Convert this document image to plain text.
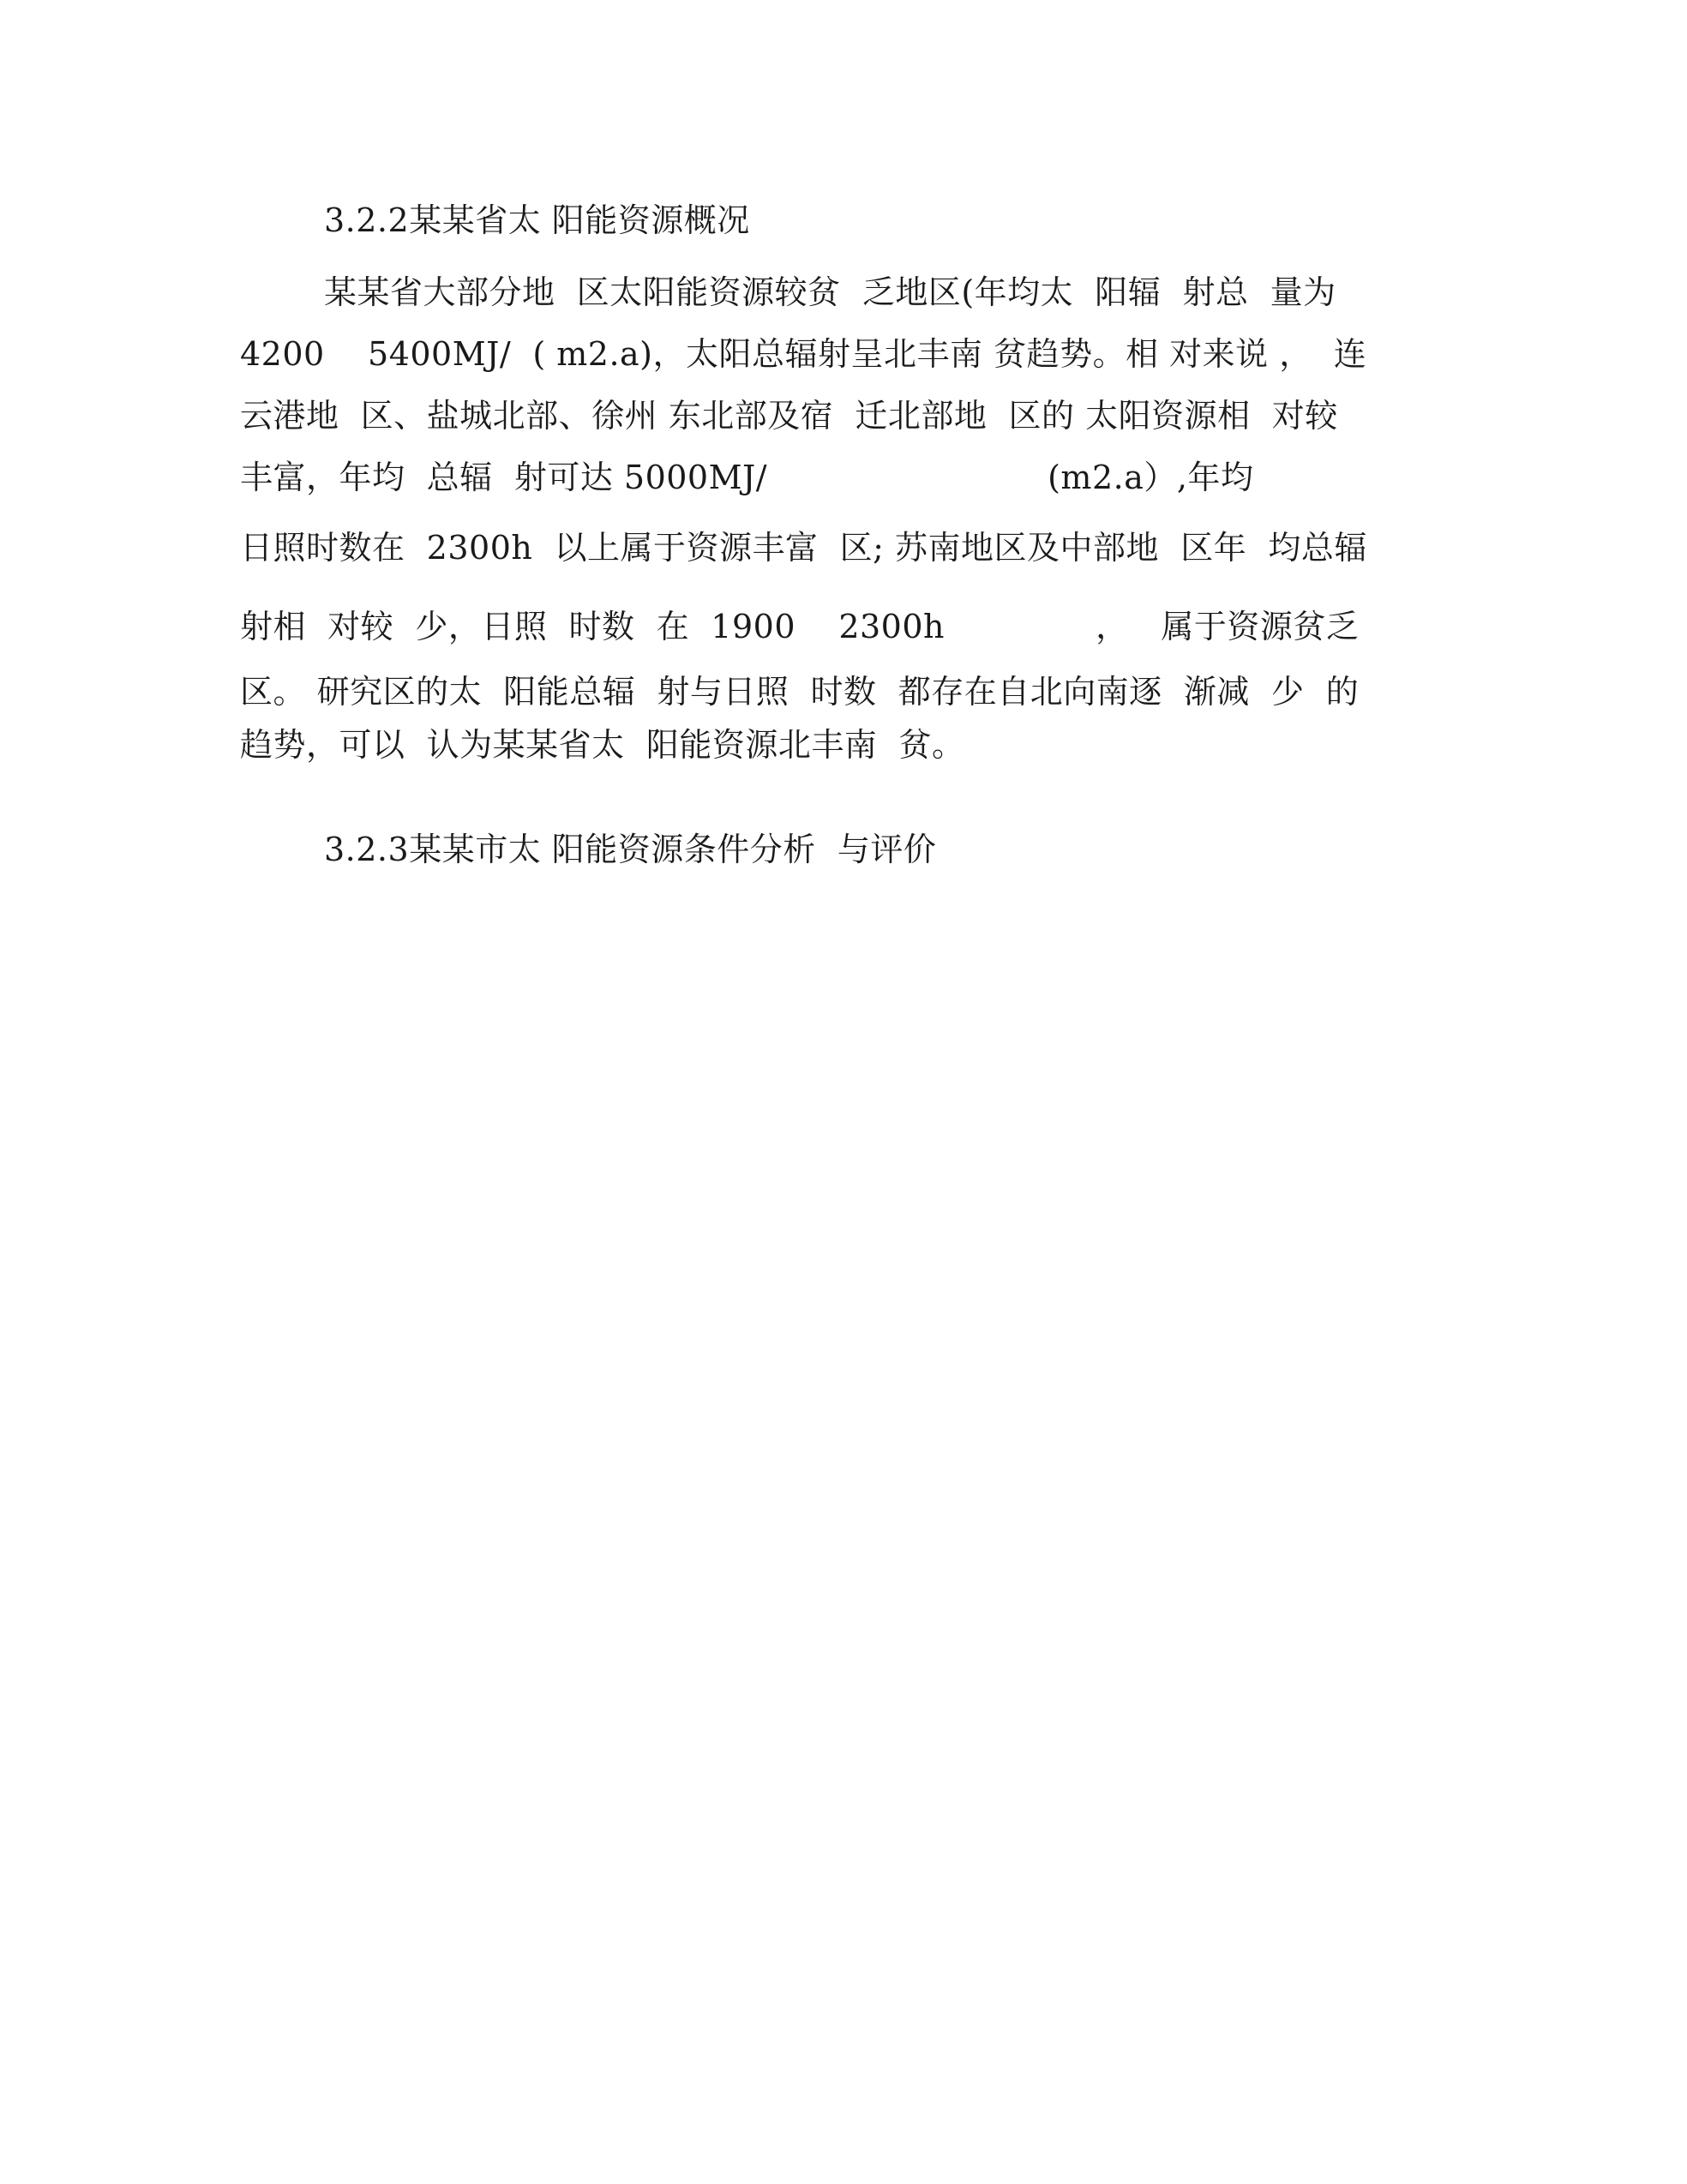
3.2.2某某省太 阳能资源概况
某某省大部分地  区太阳能资源较贫  乏地区(年均太  阳辐  射总  量为
4200    5400MJ/  ( m2.a)，太阳总辐射呈北丰南 贫趋势。相 对来说 ，  连
云港地  区、盐城北部、徐州 东北部及宿  迁北部地  区的 太阳资源相  对较
丰富，年均  总辐  射可达 5000MJ/                          (m2.a）,年均
日照时数在  2300h  以上属于资源丰富  区; 苏南地区及中部地  区年  均总辐
射相  对较  少，日照  时数  在  1900    2300h              ，   属于资源贫乏
区。 研究区的太  阳能总辐  射与日照  时数  都存在自北向南逐  渐减  少  的
趋势，可以  认为某某省太  阳能资源北丰南  贫。
3.2.3某某市太 阳能资源条件分析  与评价
